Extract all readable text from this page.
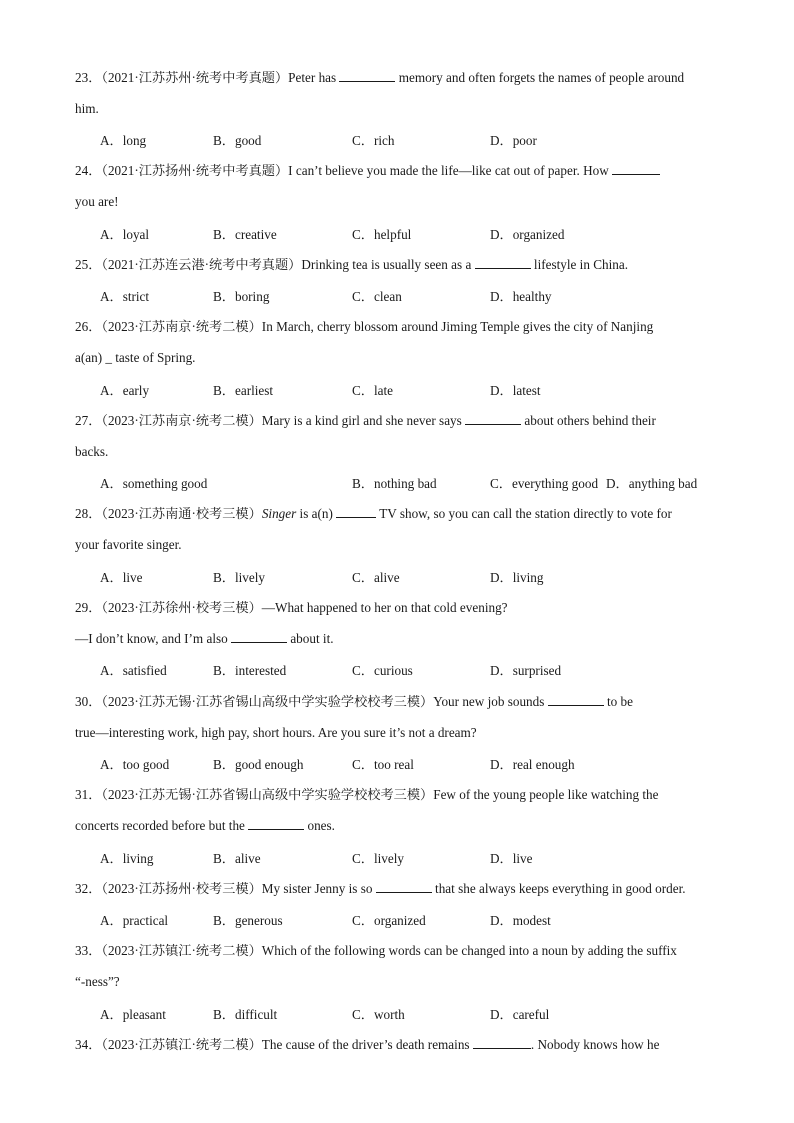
23．（2021·江苏苏州·统考中考真题）Peter has	memory and often forgets the names of people around
him.
A．long	B．good	C．rich	D．poor
24．（2021·江苏扬州·统考中考真题）I can’t believe you made the life—like cat out of paper. How
you are!
A．loyal	B．creative	C．helpful	D．organized
25．（2021·江苏连云港·统考中考真题）Drinking tea is usually seen as a	lifestyle in China.
A．strict	B．boring	C．clean	D．healthy
26．（2023·江苏南京·统考二模）In March, cherry blossom around Jiming Temple gives the city of Nanjing
a(an) _ taste of Spring.
A．early	B．earliest	C．late	D．latest
27．（2023·江苏南京·统考二模）Mary is a kind girl and she never says	about others behind their
backs.
A．something good	B．nothing bad	C．everything good D．anything bad
28．（2023·江苏南通·校考三模）Singer is a(n)	TV show, so you can call the station directly to vote for
your favorite singer.
A．live	B．lively	C．alive	D．living
29．（2023·江苏徐州·校考三模）—What happened to her on that cold evening?
—I don’t know, and I’m also	about it.
A．satisfied	B．interested	C．curious	D．surprised
30．（2023·江苏无锡·江苏省锡山高级中学实验学校校考三模）Your new job sounds	to be
true—interesting work, high pay, short hours. Are you sure it’s not a dream?
A．too good	B．good enough	C．too real	D．real enough
31．（2023·江苏无锡·江苏省锡山高级中学实验学校校考三模）Few of the young people like watching the
concerts recorded before but the	ones.
A．living	B．alive	C．lively	D．live
32．（2023·江苏扬州·校考三模）My sister Jenny is so	that she always keeps everything in good order.
A．practical	B．generous	C．organized	D．modest
33．（2023·江苏镇江·统考二模）Which of the following words can be changed into a noun by adding the suffix
“-ness”?
A．pleasant	B．difficult	C．worth	D．careful
34．（2023·江苏镇江·统考二模）The cause of the driver’s death remains	. Nobody knows how he
